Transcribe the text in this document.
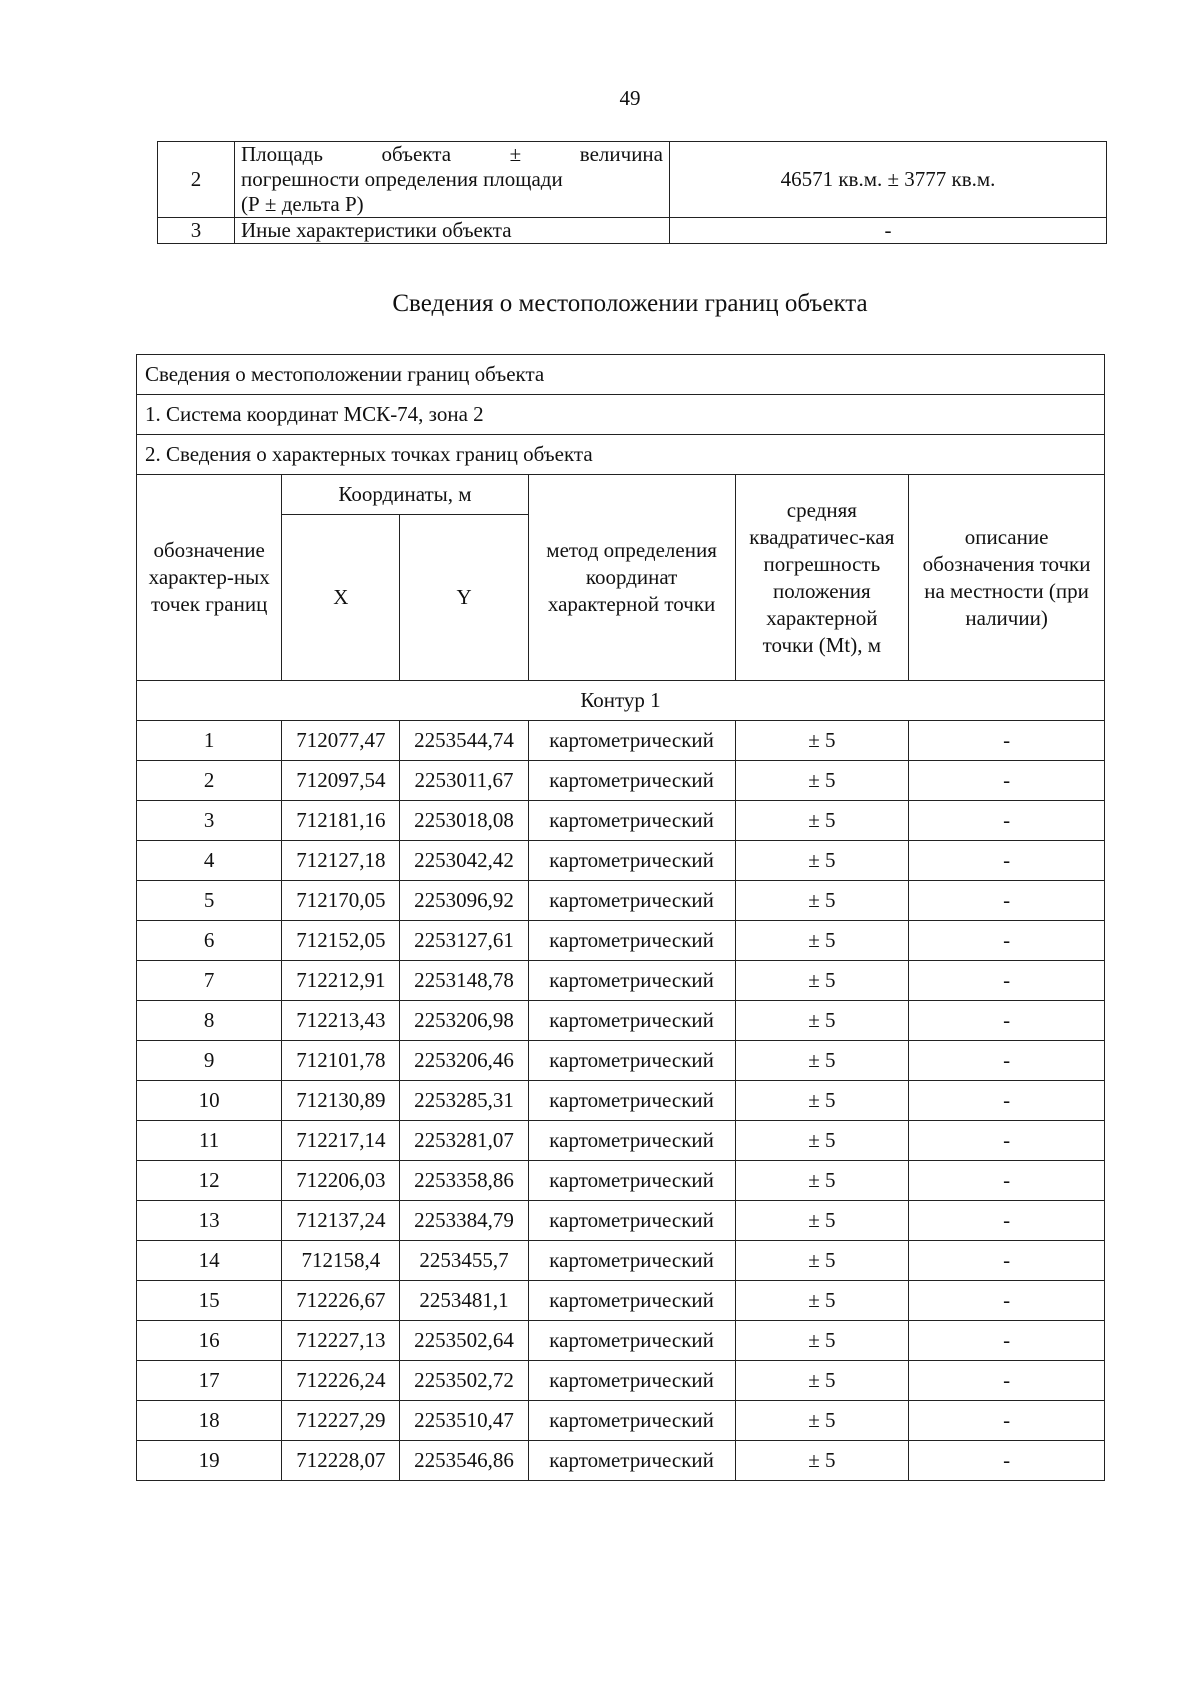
49
2	Площадь объекта ± величина
погрешности определения площади
(Р ± дельта Р)	46571 кв.м. ± 3777 кв.м.
3	Иные характеристики объекта	-
Сведения о местоположении границ объекта
Сведения о местоположении границ объекта					
1. Система координат МСК-74, зона 2					
2. Сведения о характерных точках границ объекта					
обозначение характер-ных точек границ	Координаты, м		метод определения координат характерной точки	средняя квадратичес-кая погрешность положения характерной точки (Mt), м	описание обозначения точки на местности (при наличии)
	X	Y			
Контур 1					
1	712077,47	2253544,74	картометрический	± 5	-
2	712097,54	2253011,67	картометрический	± 5	-
3	712181,16	2253018,08	картометрический	± 5	-
4	712127,18	2253042,42	картометрический	± 5	-
5	712170,05	2253096,92	картометрический	± 5	-
6	712152,05	2253127,61	картометрический	± 5	-
7	712212,91	2253148,78	картометрический	± 5	-
8	712213,43	2253206,98	картометрический	± 5	-
9	712101,78	2253206,46	картометрический	± 5	-
10	712130,89	2253285,31	картометрический	± 5	-
11	712217,14	2253281,07	картометрический	± 5	-
12	712206,03	2253358,86	картометрический	± 5	-
13	712137,24	2253384,79	картометрический	± 5	-
14	712158,4	2253455,7	картометрический	± 5	-
15	712226,67	2253481,1	картометрический	± 5	-
16	712227,13	2253502,64	картометрический	± 5	-
17	712226,24	2253502,72	картометрический	± 5	-
18	712227,29	2253510,47	картометрический	± 5	-
19	712228,07	2253546,86	картометрический	± 5	-
